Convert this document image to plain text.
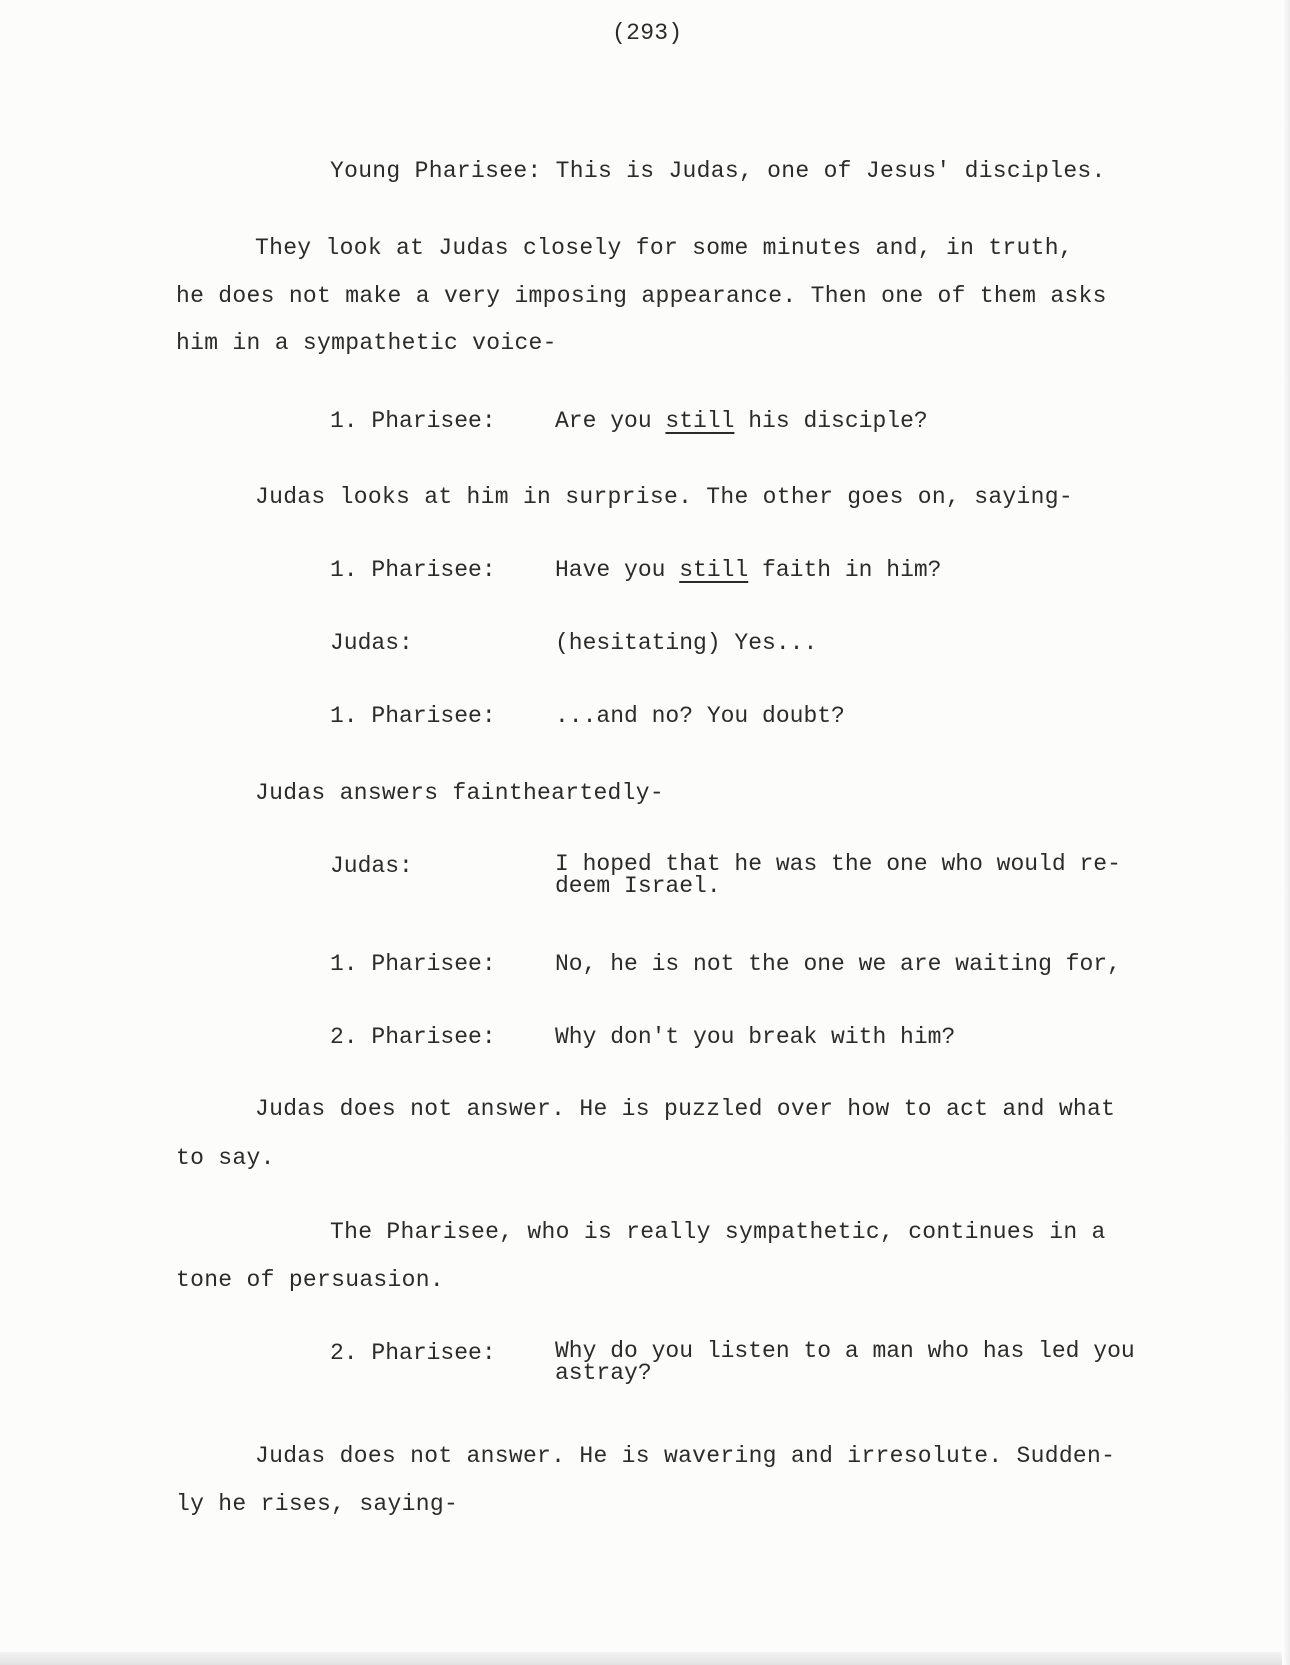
(293)
Young Pharisee: This is Judas, one of Jesus' disciples.
They look at Judas closely for some minutes and, in truth,
he does not make a very imposing appearance. Then one of them asks
him in a sympathetic voice-
1. Pharisee:	Are you still his disciple?
Judas looks at him in surprise. The other goes on, saying-
1. Pharisee:	Have you still faith in him?
Judas:	(hesitating) Yes...
1. Pharisee:	...and no? You doubt?
Judas answers faintheartedly-
Judas:	I hoped that he was the one who would re- deem Israel.
1. Pharisee:	No, he is not the one we are waiting for,
2. Pharisee:	Why don't you break with him?
Judas does not answer. He is puzzled over how to act and what
to say.
The Pharisee, who is really sympathetic, continues in a
tone of persuasion.
2. Pharisee:	Why do you listen to a man who has led you astray?
Judas does not answer. He is wavering and irresolute. Sudden-
ly he rises, saying-
